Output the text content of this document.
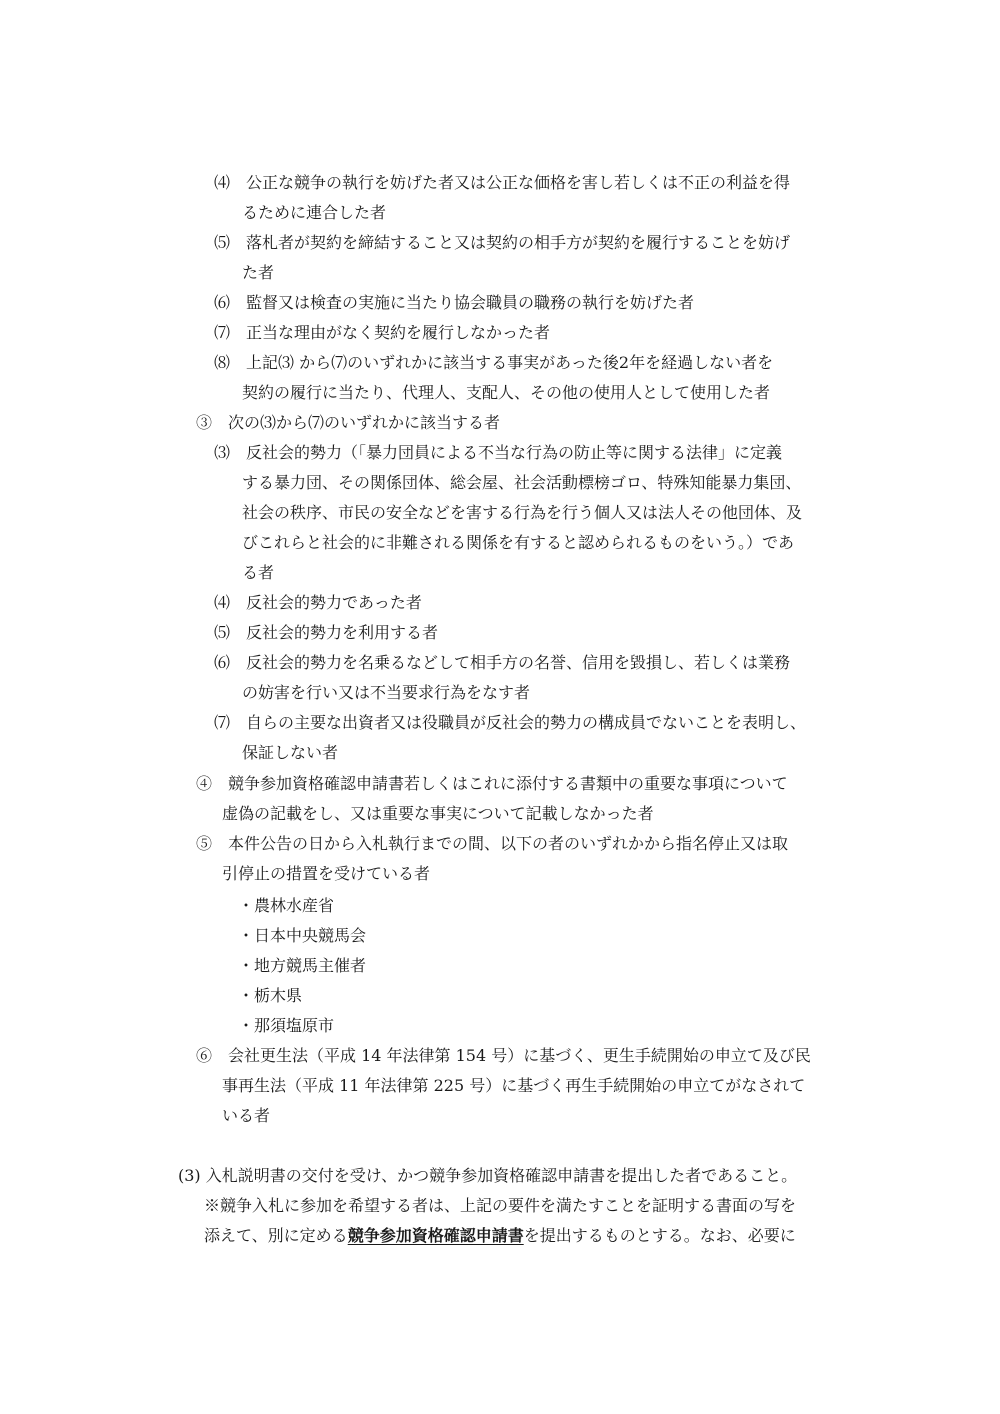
⑷　公正な競争の執行を妨げた者又は公正な価格を害し若しくは不正の利益を得
るために連合した者
⑸　落札者が契約を締結すること又は契約の相手方が契約を履行することを妨げ
た者
⑹　監督又は検査の実施に当たり協会職員の職務の執行を妨げた者
⑺　正当な理由がなく契約を履行しなかった者
⑻　上記⑶ から⑺のいずれかに該当する事実があった後2年を経過しない者を
契約の履行に当たり、代理人、支配人、その他の使用人として使用した者
③　次の⑶から⑺のいずれかに該当する者
⑶　反社会的勢力（「暴力団員による不当な行為の防止等に関する法律」に定義
する暴力団、その関係団体、総会屋、社会活動標榜ゴロ、特殊知能暴力集団、
社会の秩序、市民の安全などを害する行為を行う個人又は法人その他団体、及
びこれらと社会的に非難される関係を有すると認められるものをいう。）であ
る者
⑷　反社会的勢力であった者
⑸　反社会的勢力を利用する者
⑹　反社会的勢力を名乗るなどして相手方の名誉、信用を毀損し、若しくは業務
の妨害を行い又は不当要求行為をなす者
⑺　自らの主要な出資者又は役職員が反社会的勢力の構成員でないことを表明し、
保証しない者
④　競争参加資格確認申請書若しくはこれに添付する書類中の重要な事項について
虚偽の記載をし、又は重要な事実について記載しなかった者
⑤　本件公告の日から入札執行までの間、以下の者のいずれかから指名停止又は取
引停止の措置を受けている者
・農林水産省
・日本中央競馬会
・地方競馬主催者
・栃木県
・那須塩原市
⑥　会社更生法（平成 14 年法律第 154 号）に基づく、更生手続開始の申立て及び民
事再生法（平成 11 年法律第 225 号）に基づく再生手続開始の申立てがなされて
いる者
(3) 入札説明書の交付を受け、かつ競争参加資格確認申請書を提出した者であること。
※競争入札に参加を希望する者は、上記の要件を満たすことを証明する書面の写を
添えて、別に定める競争参加資格確認申請書を提出するものとする。なお、必要に
